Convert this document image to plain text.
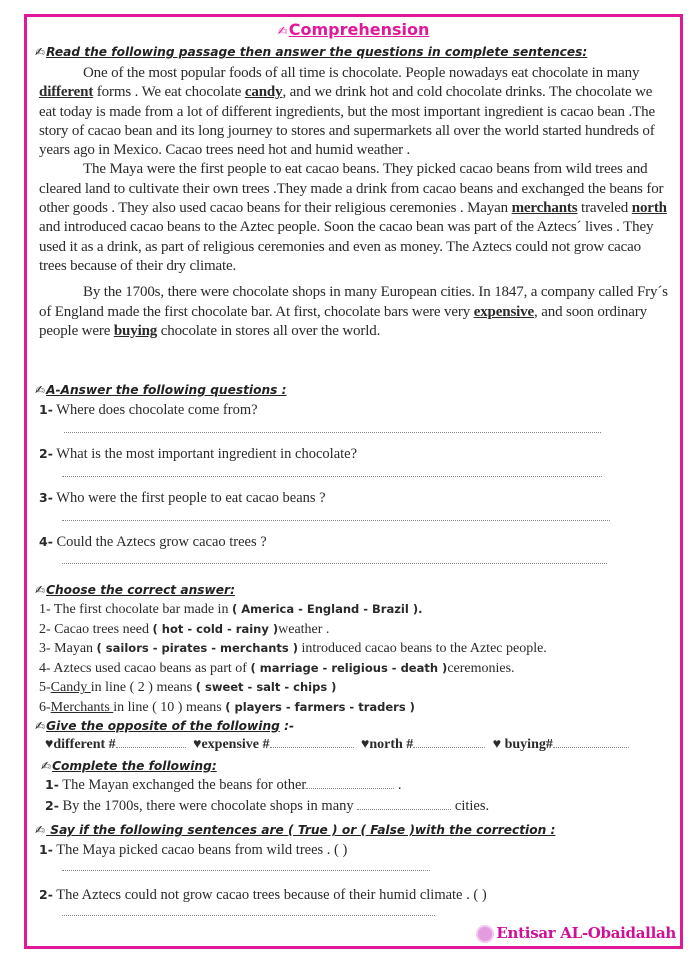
✍Comprehension
✍Read the following passage then answer the questions in complete sentences:

One of the most popular foods of all time is chocolate. People nowadays eat chocolate in many different forms . We eat chocolate candy, and we drink hot and cold chocolate drinks. The chocolate we eat today is made from a lot of different ingredients, but the most important ingredient is cacao bean .The story of cacao bean and its long journey to stores and supermarkets all over the world started hundreds of years ago in Mexico. Cacao trees need hot and humid weather .

The Maya were the first people to eat cacao beans. They picked cacao beans from wild trees and cleared land to cultivate their own trees .They made a drink from cacao beans and exchanged the beans for other goods . They also used cacao beans for their religious ceremonies . Mayan merchants traveled north and introduced cacao beans to the Aztec people. Soon the cacao bean was part of the Aztecs´ lives . They used it as a drink, as part of religious ceremonies and even as money. The Aztecs could not grow cacao trees because of their dry climate.

By the 1700s, there were chocolate shops in many European cities. In 1847, a company called Fry´s of England made the first chocolate bar. At first, chocolate bars were very expensive, and soon ordinary people were buying chocolate in stores all over the world.

✍A-Answer the following questions :
1- Where does chocolate come from?
2- What is the most important ingredient in chocolate?
3- Who were the first people to eat cacao beans ?
4- Could the Aztecs grow cacao trees ?
✍Choose the correct answer:
1- The first chocolate bar made in ( America - England - Brazil ).
2- Cacao trees need ( hot - cold - rainy )weather .
3- Mayan ( sailors - pirates - merchants ) introduced cacao beans to the Aztec people.
4- Aztecs used cacao beans as part of ( marriage - religious - death )ceremonies.
5-Candy in line ( 2 ) means ( sweet - salt - chips )
6-Merchants in line ( 10 ) means ( players - farmers - traders )
✍Give the opposite of the following :-
♥different #	♥expensive #	♥north #	♥ buying#
✍Complete the following:
1- The Mayan exchanged the beans for other	.
2- By the 1700s, there were chocolate shops in many	cities.
✍ Say if the following sentences are ( True ) or ( False )with the correction :
1- The Maya picked cacao beans from wild trees . ( )
2- The Aztecs could not grow cacao trees because of their humid climate . ( )
Entisar AL-Obaidallah
